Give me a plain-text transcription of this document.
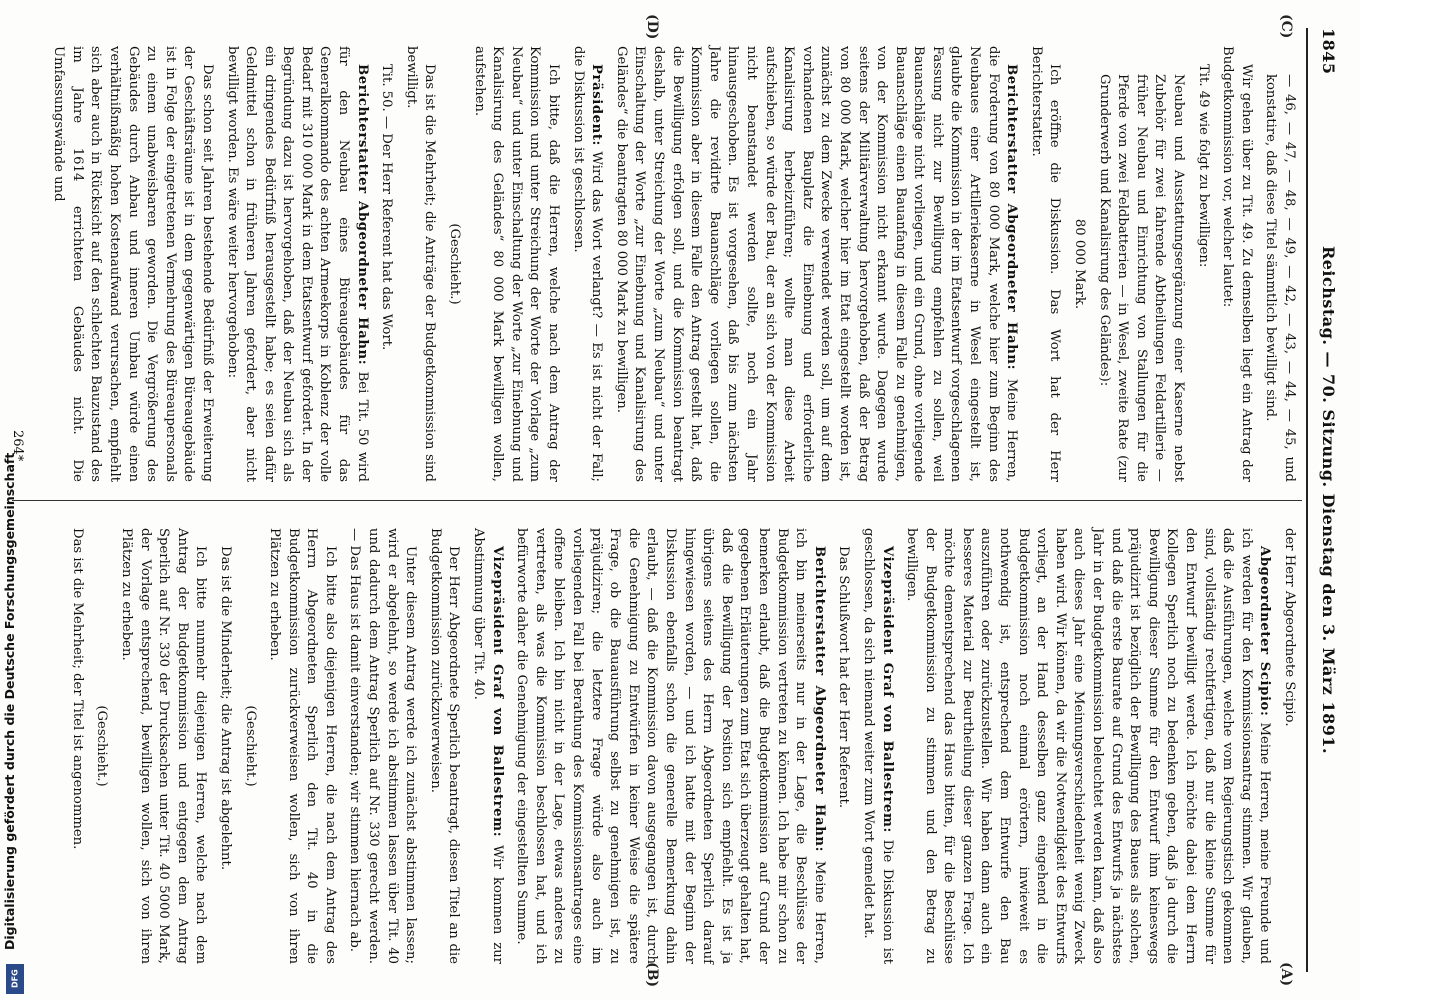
1845
Reichstag. — 70. Sitzung. Dienstag den 3. März 1891.
(C)
(D)
(A)
(B)

— 46, — 47, — 48, — 49, — 42, — 43, — 44, — 45, und konstatire, daß diese Titel sämmtlich bewilligt sind.

Wir gehen über zu Tit. 49. Zu demselben liegt ein Antrag der Budgetkommission vor, welcher lautet:

Tit. 49 wie folgt zu bewilligen:

Neubau und Ausstattungsergänzung einer Kaserne nebst Zubehör für zwei fahrende Abtheilungen Feldartillerie — früher Neubau und Einrichtung von Stallungen für die Pferde von zwei Feldbatterien — in Wesel, zweite Rate (zur Grunderwerb und Kanalisirung des Geländes):

80 000 Mark.

Ich eröffne die Diskussion. Das Wort hat der Herr Berichterstatter.

Berichterstatter Abgeordneter Hahn: Meine Herren, die Forderung von 80 000 Mark, welche hier zum Beginn des Neubaues einer Artilleriekaserne in Wesel eingestellt ist, glaubte die Kommission in der im Etatsentwurf vorgeschlagenen Fassung nicht zur Bewilligung empfehlen zu sollen, weil Bauanschläge nicht vorliegen, und ein Grund, ohne vorliegende Bauanschläge einen Bauanfang in diesem Falle zu genehmigen, von der Kommission nicht erkannt wurde. Dagegen wurde seitens der Militärverwaltung hervorgehoben, daß der Betrag von 80 000 Mark, welcher hier im Etat eingestellt worden ist, zunächst zu dem Zwecke verwendet werden soll, um auf dem vorhandenen Bauplatz die Einebnung und erforderliche Kanalisirung herbeizuführen; wollte man diese Arbeit aufschieben, so würde der Bau, der an sich von der Kommission nicht beanstandet werden sollte, noch ein Jahr hinausgeschoben. Es ist vorgesehen, daß bis zum nächsten Jahre die revidirte Bauanschläge vorliegen sollen, die Kommission aber in diesem Falle den Antrag gestellt hat, daß die Bewilligung erfolgen soll, und die Kommission beantragt deshalb, unter Streichung der Worte „zum Neubau“ und unter Einschaltung der Worte „zur Einebnung und Kanalisirung des Geländes“ die beantragten 80 000 Mark zu bewilligen.

Präsident: Wird das Wort verlangt? — Es ist nicht der Fall; die Diskussion ist geschlossen.

Ich bitte, daß die Herren, welche nach dem Antrag der Kommission und unter Streichung der Worte der Vorlage „zum Neubau“ und unter Einschaltung der Worte „zur Einebnung und Kanalisirung des Geländes“ 80 000 Mark bewilligen wollen, aufstehen.

(Geschieht.)

Das ist die Mehrheit; die Anträge der Budgetkommission sind bewilligt.

Tit. 50. — Der Herr Referent hat das Wort.

Berichterstatter Abgeordneter Hahn: Bei Tit. 50 wird für den Neubau eines Büreaugebäudes für das Generalkommando des achten Armeekorps in Koblenz der volle Bedarf mit 310 000 Mark in dem Etatsentwurf gefordert. In der Begründung dazu ist hervorgehoben, daß der Neubau sich als ein dringendes Bedürfniß herausgestellt habe; es seien dafür Geldmittel schon in früheren Jahren gefordert, aber nicht bewilligt worden. Es wäre weiter hervorgehoben:

Das schon seit Jahren bestehende Bedürfniß der Erweiterung der Geschäftsräume ist in dem gegenwärtigen Büreaugebäude ist in Folge der eingetretenen Vermehrung des Büreaupersonals zu einem unabweisbaren geworden. Die Vergrößerung des Gebäudes durch Anbau und inneren Umbau würde einen verhältnißmäßig hohen Kostenaufwand verursachen, empfiehlt sich aber auch in Rücksicht auf den schlechten Bauzustand des im Jahre 1614 errichteten Gebäudes nicht. Die Umfassungswände und

der Herr Abgeordnete Scipio.

Abgeordneter Scipio: Meine Herren, meine Freunde und ich werden für den Kommissionsantrag stimmen. Wir glauben, daß die Ausführungen, welche vom Regierungstisch gekommen sind, vollständig rechtfertigen, daß nur die kleine Summe für den Entwurf bewilligt werde. Ich möchte dabei dem Herrn Kollegen Sperlich noch zu bedenken geben, daß ja durch die Bewilligung dieser Summe für den Entwurf ihm keineswegs präjudizirt ist bezüglich der Bewilligung des Baues als solchen, und daß die erste Baurate auf Grund des Entwurfs ja nächstes Jahr in der Budgetkommission beleuchtet werden kann, daß also auch dieses Jahr eine Meinungsverschiedenheit wenig Zweck haben wird. Wir können, da wir die Notwendigkeit des Entwurfs vorliegt, an der Hand desselben ganz eingehend in die Budgetkommission noch einmal erörtern, inwieweit es nothwendig ist, entsprechend dem Entwurfe den Bau auszuführen oder zurückzustellen. Wir haben dann auch ein besseres Material zur Beurtheilung dieser ganzen Frage. Ich möchte dementsprechend das Haus bitten, für die Beschlüsse der Budgetkommission zu stimmen und den Betrag zu bewilligen.

Vizepräsident Graf von Ballestrem: Die Diskussion ist geschlossen, da sich niemand weiter zum Wort gemeldet hat.

Das Schlußwort hat der Herr Referent.

Berichterstatter Abgeordneter Hahn: Meine Herren, ich bin meinerseits nur in der Lage, die Beschlüsse der Budgetkommission vertreten zu können. Ich habe mir schon zu bemerken erlaubt, daß die Budgetkommission auf Grund der gegebenen Erläuterungen zum Etat sich überzeugt gehalten hat, daß die Bewilligung der Position sich empfiehlt. Es ist ja übrigens seitens des Herrn Abgeordneten Sperlich darauf hingewiesen worden, — und ich hatte mit der Beginn der Diskussion ebenfalls schon die generelle Bemerkung dahin erlaubt, — daß die Kommission davon ausgegangen ist, durch die Genehmigung zu Entwürfen in keiner Weise die spätere Frage, ob die Bauausführung selbst zu genehmigen ist, zu präjudiziren; die letztere Frage würde also auch im vorliegenden Fall bei Berathung des Kommissionsantrages eine offene bleiben. Ich bin nicht in der Lage, etwas anderes zu vertreten, als was die Kommission beschlossen hat, und ich befürworte daher die Genehmigung der eingestellten Summe.

Vizepräsident Graf von Ballestrem: Wir kommen zur Abstimmung über Tit. 40.

Der Herr Abgeordnete Sperlich beantragt, diesen Titel an die Budgetkommission zurückzuverweisen.

Unter diesem Antrag werde ich zunächst abstimmen lassen; wird er abgelehnt, so werde ich abstimmen lassen über Tit. 40 und dadurch dem Antrag Sperlich auf Nr. 330 gerecht werden. — Das Haus ist damit einverstanden; wir stimmen hiernach ab.

Ich bitte also diejenigen Herren, die nach dem Antrag des Herrn Abgeordneten Sperlich den Tit. 40 in die Budgetkommission zurückverweisen wollen, sich von ihren Plätzen zu erheben.

(Geschieht.)

Das ist die Minderheit; die Antrag ist abgelehnt.

Ich bitte nunmehr diejenigen Herren, welche nach dem Antrag der Budgetkommission und entgegen dem Antrag Sperlich auf Nr. 330 der Drucksachen unter Tit. 40 5000 Mark, der Vorlage entsprechend, bewilligen wollen, sich von ihren Plätzen zu erheben.

(Geschieht.)

Das ist die Mehrheit; der Titel ist angenommen.

264*
Digitalisierung gefördert durch die Deutsche Forschungsgemeinschaft
DFG
